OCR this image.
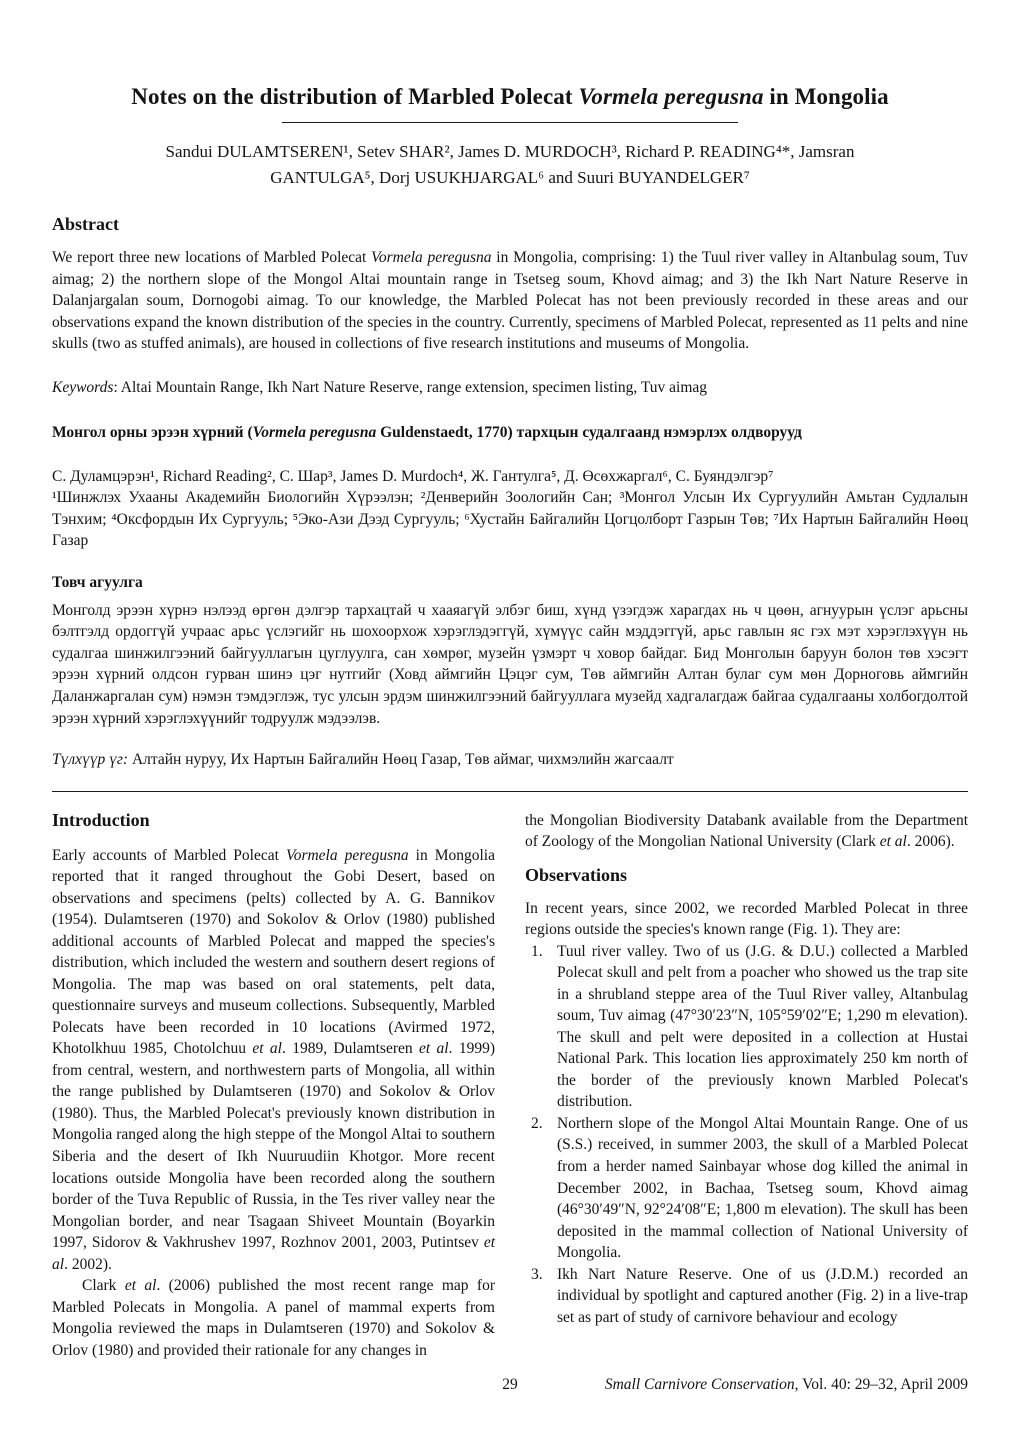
Notes on the distribution of Marbled Polecat Vormela peregusna in Mongolia
Sandui DULAMTSEREN¹, Setev SHAR², James D. MURDOCH³, Richard P. READING⁴*, Jamsran
GANTULGA⁵, Dorj USUKHJARGAL⁶ and Suuri BUYANDELGER⁷
Abstract

We report three new locations of Marbled Polecat Vormela peregusna in Mongolia, comprising: 1) the Tuul river valley in Altanbulag soum, Tuv aimag; 2) the northern slope of the Mongol Altai mountain range in Tsetseg soum, Khovd aimag; and 3) the Ikh Nart Nature Reserve in Dalanjargalan soum, Dornogobi aimag. To our knowledge, the Marbled Polecat has not been previously recorded in these areas and our observations expand the known distribution of the species in the country. Currently, specimens of Marbled Polecat, represented as 11 pelts and nine skulls (two as stuffed animals), are housed in collections of five research institutions and museums of Mongolia.

Keywords: Altai Mountain Range, Ikh Nart Nature Reserve, range extension, specimen listing, Tuv aimag

Монгол орны эрээн хүрний (Vormela peregusna Guldenstaedt, 1770) тархцын судалгаанд нэмэрлэх олдворууд

С. Дуламцэрэн¹, Richard Reading², С. Шар³, James D. Murdoch⁴, Ж. Гантулга⁵, Д. Өсөхжаргал⁶, С. Буяндэлгэр⁷

¹Шинжлэх Ухааны Академийн Биологийн Хүрээлэн; ²Денверийн Зоологийн Сан; ³Монгол Улсын Их Сургуулийн Амьтан Судлалын Тэнхим; ⁴Оксфордын Их Сургууль; ⁵Эко-Ази Дээд Сургууль; ⁶Хустайн Байгалийн Цогцолборт Газрын Төв; ⁷Их Нартын Байгалийн Нөөц Газар

Товч агуулга

Монголд эрээн хүрнэ нэлээд өргөн дэлгэр тархацтай ч хааяагүй элбэг биш, хүнд үзэгдэж харагдах нь ч цөөн, агнуурын үслэг арьсны бэлтгэлд ордоггүй учраас арьс үслэгийг нь шохоорхож хэрэглэдэггүй, хүмүүс сайн мэддэггүй, арьс гавлын яс гэх мэт хэрэглэхүүн нь судалгаа шинжилгээний байгууллагын цуглуулга, сан хөмрөг, музейн үзмэрт ч ховор байдаг. Бид Монголын баруун болон төв хэсэгт эрээн хүрний олдсон гурван шинэ цэг нутгийг (Ховд аймгийн Цэцэг сум, Төв аймгийн Алтан булаг сум мөн Дорноговь аймгийн Даланжаргалан сум) нэмэн тэмдэглэж, тус улсын эрдэм шинжилгээний байгууллага музейд хадгалагдаж байгаа судалгааны холбогдолтой эрээн хүрний хэрэглэхүүнийг тодруулж мэдээлэв.

Түлхүүр үг: Алтайн нуруу, Их Нартын Байгалийн Нөөц Газар, Төв аймаг, чихмэлийн жагсаалт

Introduction

Early accounts of Marbled Polecat Vormela peregusna in Mongolia reported that it ranged throughout the Gobi Desert, based on observations and specimens (pelts) collected by A. G. Bannikov (1954). Dulamtseren (1970) and Sokolov & Orlov (1980) published additional accounts of Marbled Polecat and mapped the species's distribution, which included the western and southern desert regions of Mongolia. The map was based on oral statements, pelt data, questionnaire surveys and museum collections. Subsequently, Marbled Polecats have been recorded in 10 locations (Avirmed 1972, Khotolkhuu 1985, Chotolchuu et al. 1989, Dulamtseren et al. 1999) from central, western, and northwestern parts of Mongolia, all within the range published by Dulamtseren (1970) and Sokolov & Orlov (1980). Thus, the Marbled Polecat's previously known distribution in Mongolia ranged along the high steppe of the Mongol Altai to southern Siberia and the desert of Ikh Nuuruudiin Khotgor. More recent locations outside Mongolia have been recorded along the southern border of the Tuva Republic of Russia, in the Tes river valley near the Mongolian border, and near Tsagaan Shiveet Mountain (Boyarkin 1997, Sidorov & Vakhrushev 1997, Rozhnov 2001, 2003, Putintsev et al. 2002).

Clark et al. (2006) published the most recent range map for Marbled Polecats in Mongolia. A panel of mammal experts from Mongolia reviewed the maps in Dulamtseren (1970) and Sokolov & Orlov (1980) and provided their rationale for any changes in

the Mongolian Biodiversity Databank available from the Department of Zoology of the Mongolian National University (Clark et al. 2006).

Observations

In recent years, since 2002, we recorded Marbled Polecat in three regions outside the species's known range (Fig. 1). They are:

1. Tuul river valley. Two of us (J.G. & D.U.) collected a Marbled Polecat skull and pelt from a poacher who showed us the trap site in a shrubland steppe area of the Tuul River valley, Altanbulag soum, Tuv aimag (47°30′23″N, 105°59′02″E; 1,290 m elevation). The skull and pelt were deposited in a collection at Hustai National Park. This location lies approximately 250 km north of the border of the previously known Marbled Polecat's distribution.
2. Northern slope of the Mongol Altai Mountain Range. One of us (S.S.) received, in summer 2003, the skull of a Marbled Polecat from a herder named Sainbayar whose dog killed the animal in December 2002, in Bachaa, Tsetseg soum, Khovd aimag (46°30′49″N, 92°24′08″E; 1,800 m elevation). The skull has been deposited in the mammal collection of National University of Mongolia.
3. Ikh Nart Nature Reserve. One of us (J.D.M.) recorded an individual by spotlight and captured another (Fig. 2) in a live-trap set as part of study of carnivore behaviour and ecology
29	Small Carnivore Conservation, Vol. 40: 29–32, April 2009
